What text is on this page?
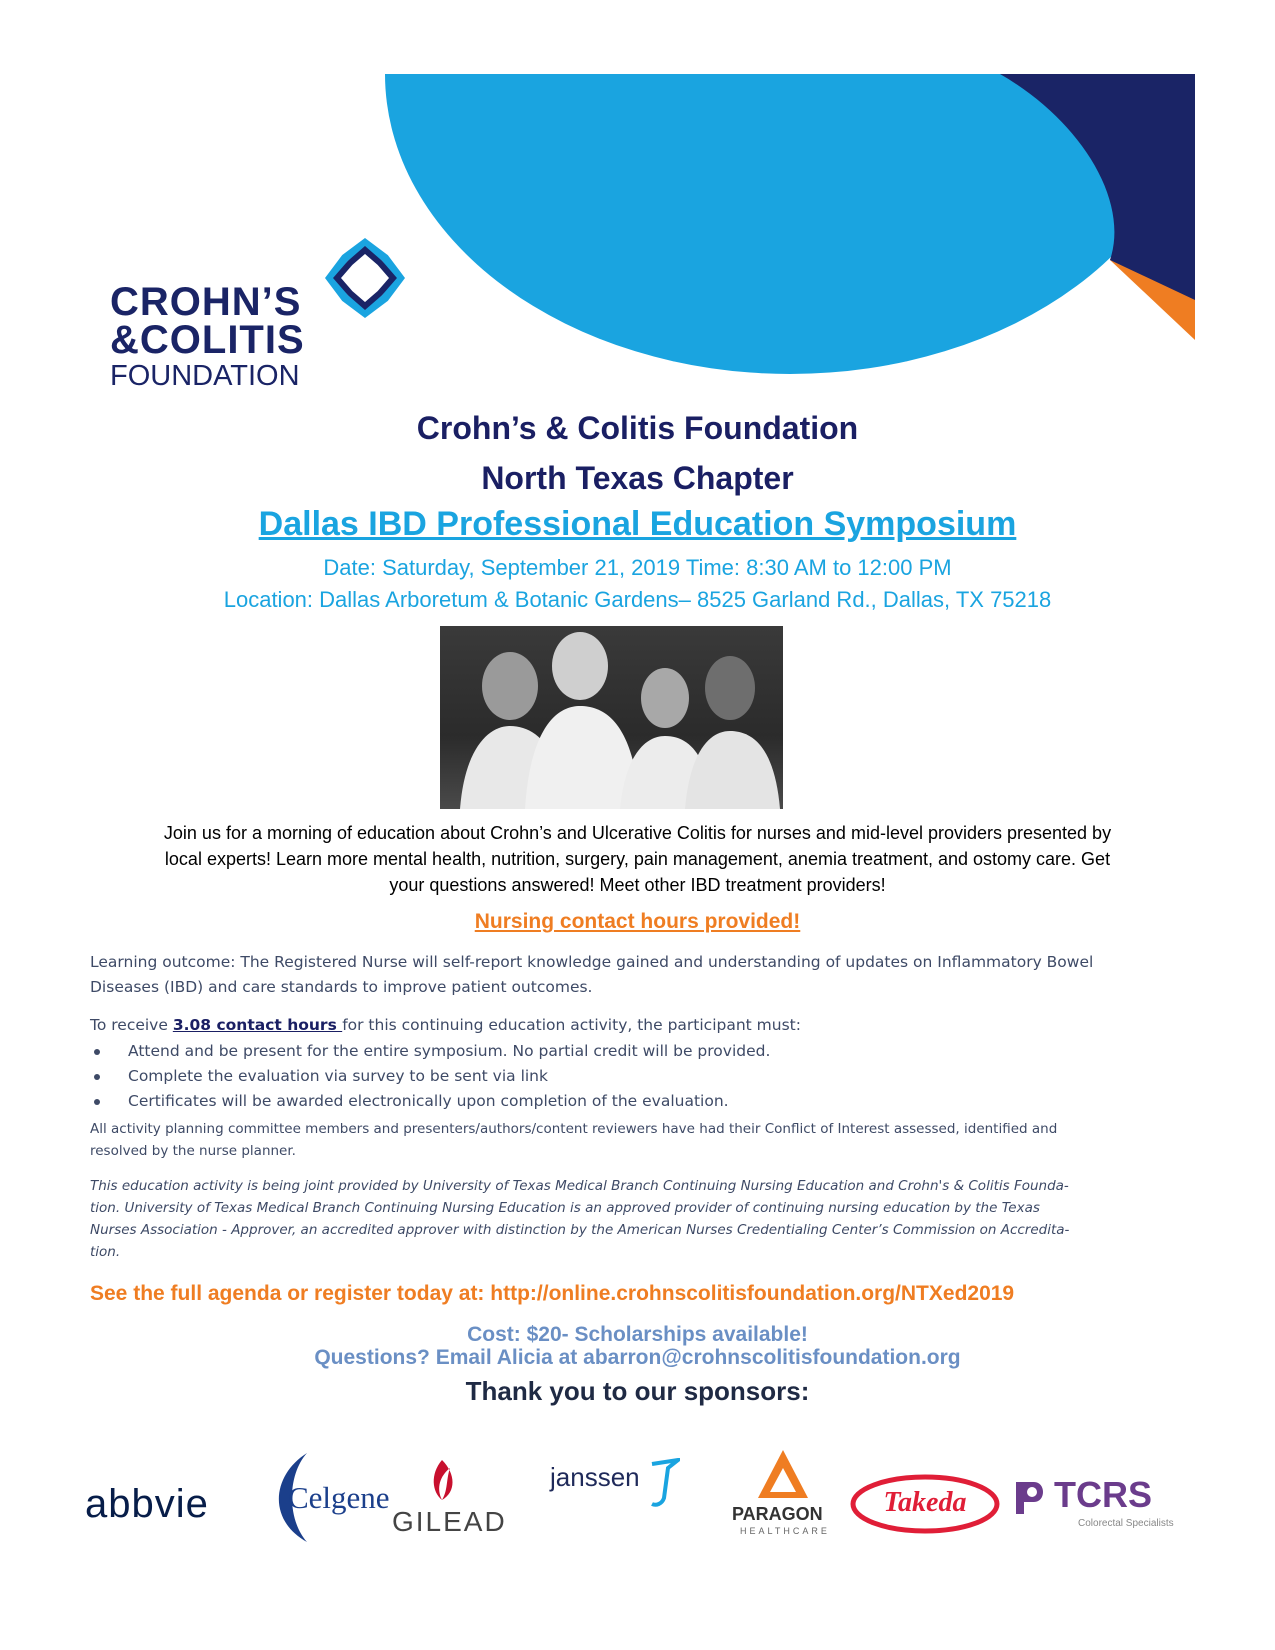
CROHN’S
&COLITIS
FOUNDATION
Crohn’s & Colitis Foundation
North Texas Chapter
Dallas IBD Professional Education Symposium
Date: Saturday, September 21, 2019 Time: 8:30 AM to 12:00 PM
Location: Dallas Arboretum & Botanic Gardens– 8525 Garland Rd., Dallas, TX 75218
Join us for a morning of education about Crohn’s and Ulcerative Colitis for nurses and mid-level providers presented by
local experts! Learn more mental health, nutrition, surgery, pain management, anemia treatment, and ostomy care. Get
your questions answered! Meet other IBD treatment providers!
Nursing contact hours provided!
Learning outcome: The Registered Nurse will self-report knowledge gained and understanding of updates on Inflammatory Bowel
Diseases (IBD) and care standards to improve patient outcomes.
To receive 3.08 contact hours for this continuing education activity, the participant must:
Attend and be present for the entire symposium. No partial credit will be provided.
Complete the evaluation via survey to be sent via link
Certificates will be awarded electronically upon completion of the evaluation.
All activity planning committee members and presenters/authors/content reviewers have had their Conflict of Interest assessed, identified and
resolved by the nurse planner.
This education activity is being joint provided by University of Texas Medical Branch Continuing Nursing Education and Crohn's & Colitis Founda-
tion. University of Texas Medical Branch Continuing Nursing Education is an approved provider of continuing nursing education by the Texas
Nurses Association - Approver, an accredited approver with distinction by the American Nurses Credentialing Center’s Commission on Accredita-
tion.
See the full agenda or register today at: http://online.crohnscolitisfoundation.org/NTXed2019
Cost: $20- Scholarships available!
Questions? Email Alicia at abarron@crohnscolitisfoundation.org
Thank you to our sponsors:
abbvie	Celgene
GILEAD
janssen
PARAGON
HEALTHCARE
Takeda	TCRS
Colorectal Specialists
